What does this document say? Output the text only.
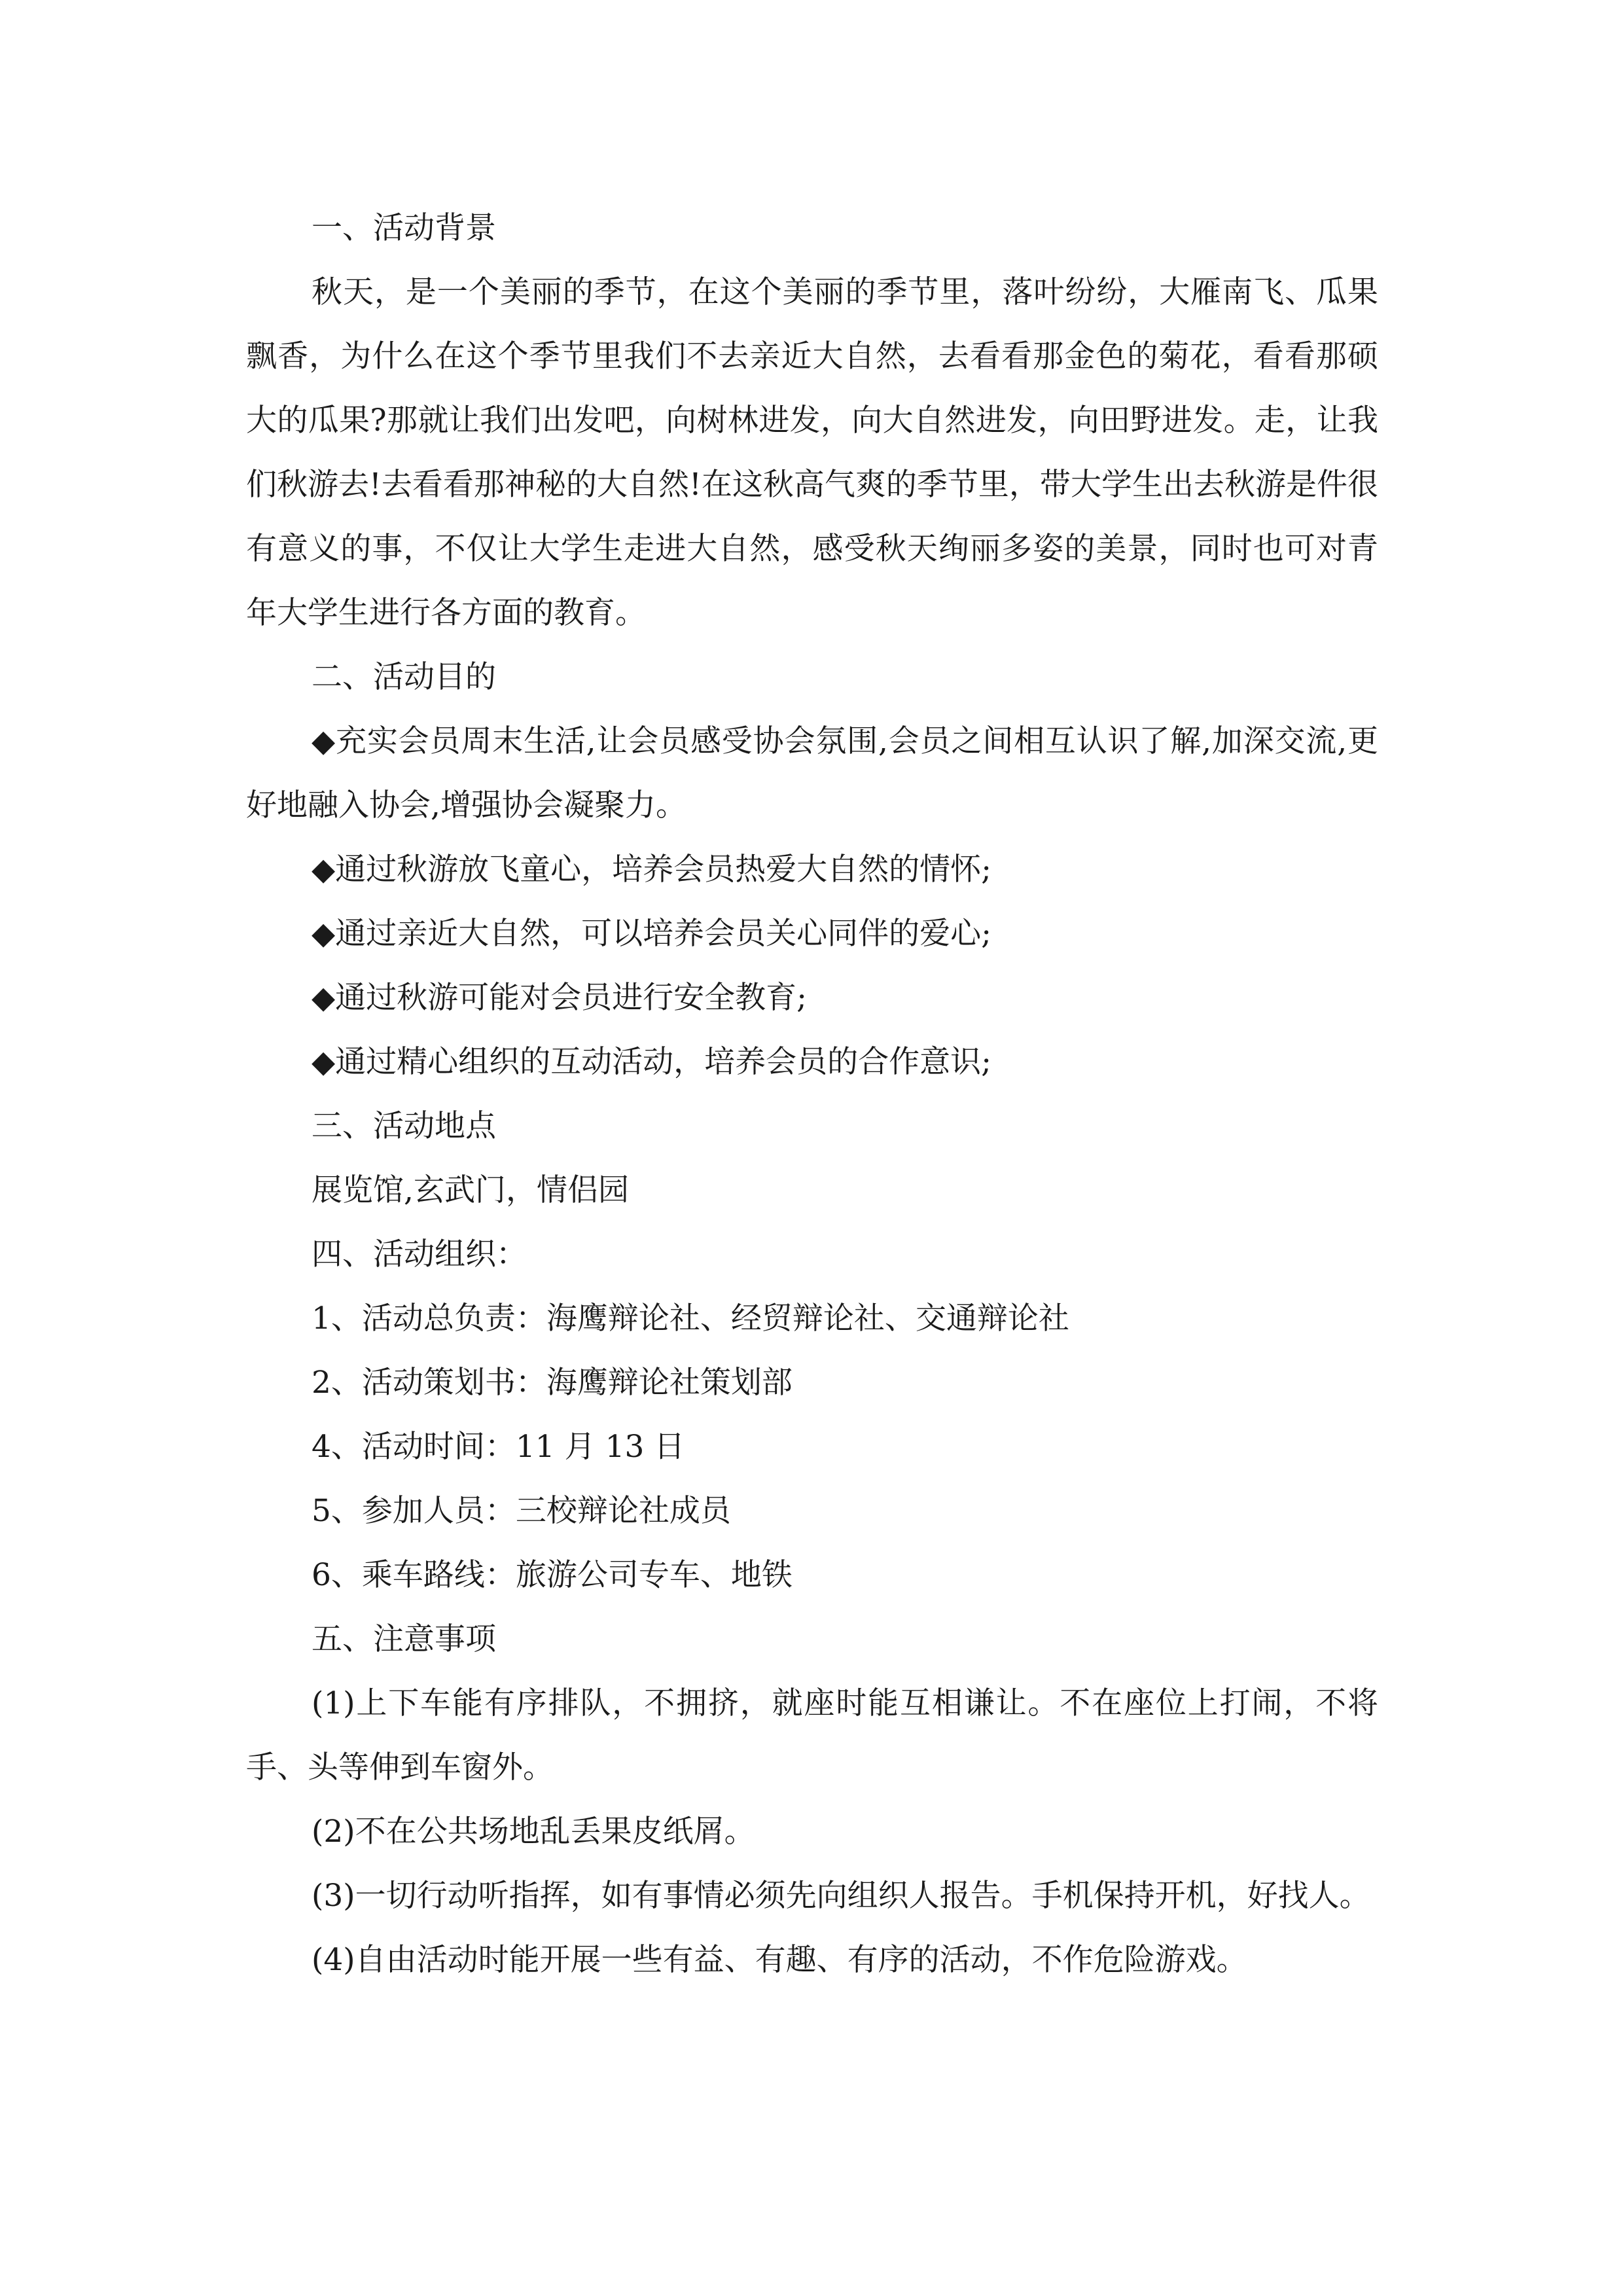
一、活动背景

秋天，是一个美丽的季节，在这个美丽的季节里，落叶纷纷，大雁南飞、瓜果飘香，为什么在这个季节里我们不去亲近大自然，去看看那金色的菊花，看看那硕大的瓜果?那就让我们出发吧，向树林进发，向大自然进发，向田野进发。走，让我们秋游去!去看看那神秘的大自然!在这秋高气爽的季节里，带大学生出去秋游是件很有意义的事，不仅让大学生走进大自然，感受秋天绚丽多姿的美景，同时也可对青年大学生进行各方面的教育。

二、活动目的

◆充实会员周末生活,让会员感受协会氛围,会员之间相互认识了解,加深交流,更好地融入协会,增强协会凝聚力。

◆通过秋游放飞童心，培养会员热爱大自然的情怀;

◆通过亲近大自然，可以培养会员关心同伴的爱心;

◆通过秋游可能对会员进行安全教育;

◆通过精心组织的互动活动，培养会员的合作意识;

三、活动地点

展览馆,玄武门，情侣园

四、活动组织：

1、活动总负责：海鹰辩论社、经贸辩论社、交通辩论社

2、活动策划书：海鹰辩论社策划部

4、活动时间：11 月 13 日

5、参加人员：三校辩论社成员

6、乘车路线：旅游公司专车、地铁

五、注意事项

(1)上下车能有序排队，不拥挤，就座时能互相谦让。不在座位上打闹，不将手、头等伸到车窗外。

(2)不在公共场地乱丢果皮纸屑。

(3)一切行动听指挥，如有事情必须先向组织人报告。手机保持开机，好找人。

(4)自由活动时能开展一些有益、有趣、有序的活动，不作危险游戏。
